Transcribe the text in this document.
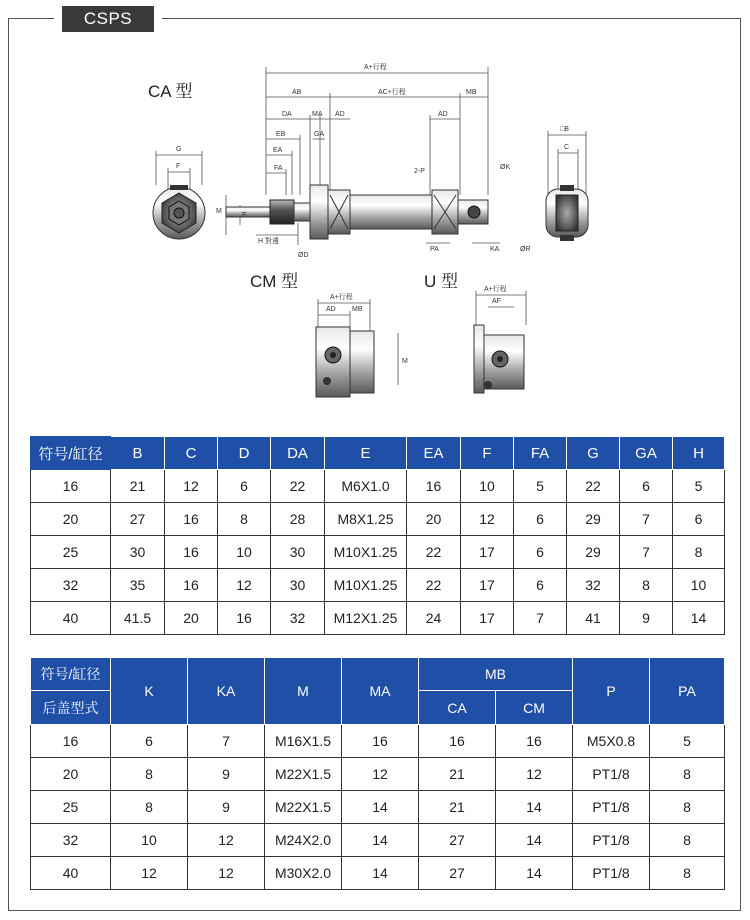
CSPS
A+行程
AB	AC+行程	MB
DA	MA AD	AD
EB	GA
EA
FA
G
F
M
E
H 對邊
ØD
2-P
ØK
PA	KA
□B
C
ØR
A+行程
AD MB
M
A+行程
AF
CA 型
CM 型	U 型
符号/缸径	B	C	D	DA	E	EA	F	FA	G	GA	H
16	21	12	6	22	M6X1.0	16	10	5	22	6	5
20	27	16	8	28	M8X1.25	20	12	6	29	7	6
25	30	16	10	30	M10X1.25	22	17	6	29	7	8
32	35	16	12	30	M10X1.25	22	17	6	32	8	10
40	41.5	20	16	32	M12X1.25	24	17	7	41	9	14
符号/缸径	K	KA	M	MA	MB		P	PA
后盖型式					CA	CM		
16	6	7	M16X1.5	16	16	16	M5X0.8	5
20	8	9	M22X1.5	12	21	12	PT1/8	8
25	8	9	M22X1.5	14	21	14	PT1/8	8
32	10	12	M24X2.0	14	27	14	PT1/8	8
40	12	12	M30X2.0	14	27	14	PT1/8	8
